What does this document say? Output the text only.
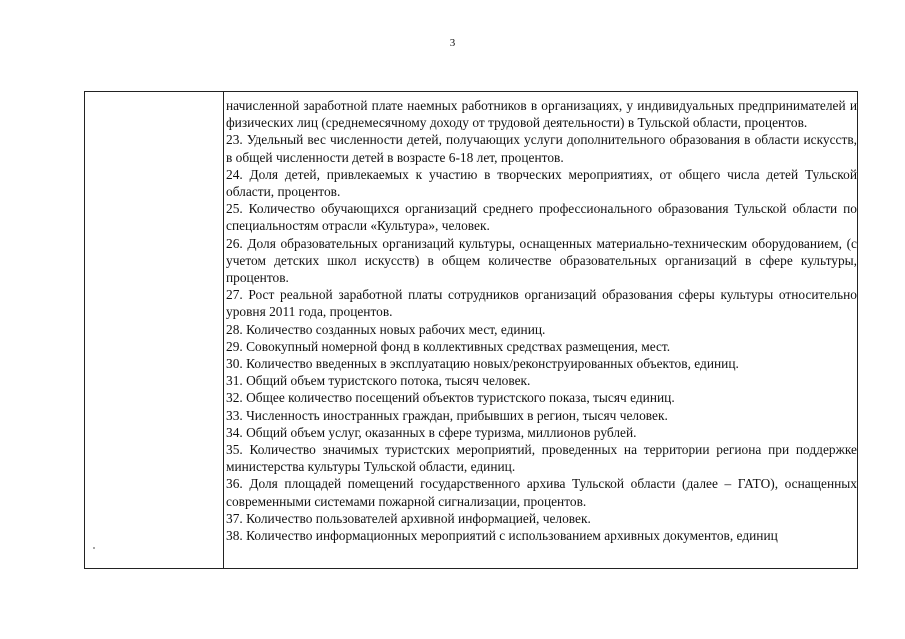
3

начисленной заработной плате наемных работников в организациях, у индивидуальных предпринимателей и физических лиц (среднемесячному доходу от трудовой деятельности) в Тульской области, процентов.

23. Удельный вес численности детей, получающих услуги дополнительного образования в области искусств, в общей численности детей в возрасте 6-18 лет, процентов.

24. Доля детей, привлекаемых к участию в творческих мероприятиях, от общего числа детей Тульской области, процентов.

25. Количество обучающихся организаций среднего профессионального образования Тульской области по специальностям отрасли «Культура», человек.

26. Доля образовательных организаций культуры, оснащенных материально-техническим оборудованием, (с учетом детских школ искусств) в общем количестве образовательных организаций в сфере культуры, процентов.

27. Рост реальной заработной платы сотрудников организаций образования сферы культуры относительно уровня 2011 года, процентов.

28. Количество созданных новых рабочих мест, единиц.

29. Совокупный номерной фонд в коллективных средствах размещения, мест.

30. Количество введенных в эксплуатацию новых/реконструированных объектов, единиц.

31. Общий объем туристского потока, тысяч человек.

32. Общее количество посещений объектов туристского показа, тысяч единиц.

33. Численность иностранных граждан, прибывших в регион, тысяч человек.

34. Общий объем услуг, оказанных в сфере туризма, миллионов рублей.

35. Количество значимых туристских мероприятий, проведенных на территории региона при поддержке министерства культуры Тульской области, единиц.

36. Доля площадей помещений государственного архива Тульской области (далее – ГАТО), оснащенных современными системами пожарной сигнализации, процентов.

37. Количество пользователей архивной информацией, человек.

38. Количество информационных мероприятий с использованием архивных документов, единиц
